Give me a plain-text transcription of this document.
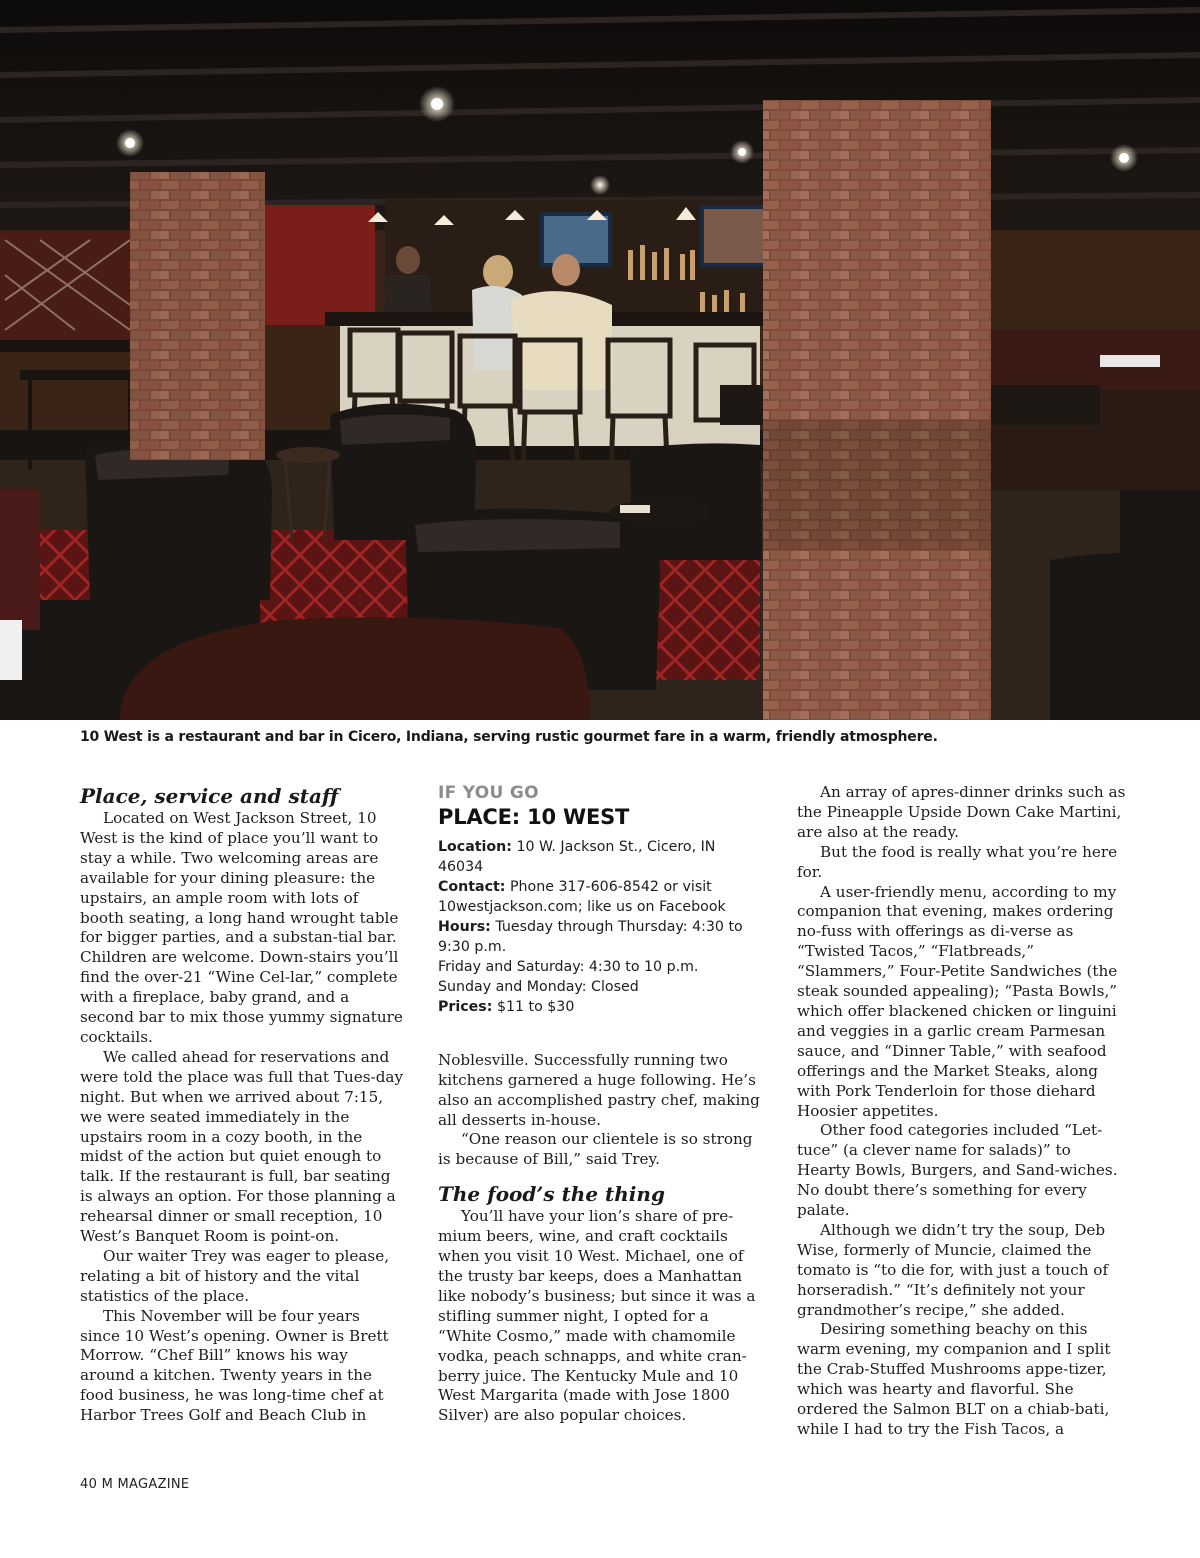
10 West is a restaurant and bar in Cicero, Indiana, serving rustic gourmet fare in a warm, friendly atmosphere.
Place, service and staff

Located on West Jackson Street, 10 West is the kind of place you’ll want to stay a while. Two welcoming areas are available for your dining pleasure: the upstairs, an ample room with lots of booth seating, a long hand wrought table for bigger parties, and a substan-tial bar. Children are welcome. Down-stairs you’ll find the over-21 “Wine Cel-lar,” complete with a fireplace, baby grand, and a second bar to mix those yummy signature cocktails.

We called ahead for reservations and were told the place was full that Tues-day night. But when we arrived about 7:15, we were seated immediately in the upstairs room in a cozy booth, in the midst of the action but quiet enough to talk. If the restaurant is full, bar seating is always an option. For those planning a rehearsal dinner or small reception, 10 West’s Banquet Room is point-on.

Our waiter Trey was eager to please, relating a bit of history and the vital statistics of the place.

This November will be four years since 10 West’s opening. Owner is Brett Morrow. “Chef Bill” knows his way around a kitchen. Twenty years in the food business, he was long-time chef at Harbor Trees Golf and Beach Club in

IF YOU GO
PLACE: 10 WEST
Location: 10 W. Jackson St., Cicero, IN 46034
Contact: Phone 317-606-8542 or visit 10westjackson.com; like us on Facebook
Hours: Tuesday through Thursday: 4:30 to 9:30 p.m.
Friday and Saturday: 4:30 to 10 p.m.
Sunday and Monday: Closed
Prices: $11 to $30

Noblesville. Successfully running two kitchens garnered a huge following. He’s also an accomplished pastry chef, making all desserts in-house.

“One reason our clientele is so strong is because of Bill,” said Trey.

The food’s the thing

You’ll have your lion’s share of pre-mium beers, wine, and craft cocktails when you visit 10 West. Michael, one of the trusty bar keeps, does a Manhattan like nobody’s business; but since it was a stifling summer night, I opted for a “White Cosmo,” made with chamomile vodka, peach schnapps, and white cran-berry juice. The Kentucky Mule and 10 West Margarita (made with Jose 1800 Silver) are also popular choices.

An array of apres-dinner drinks such as the Pineapple Upside Down Cake Martini, are also at the ready.

But the food is really what you’re here for.

A user-friendly menu, according to my companion that evening, makes ordering no-fuss with offerings as di-verse as “Twisted Tacos,” “Flatbreads,” “Slammers,” Four-Petite Sandwiches (the steak sounded appealing); “Pasta Bowls,” which offer blackened chicken or linguini and veggies in a garlic cream Parmesan sauce, and “Dinner Table,” with seafood offerings and the Market Steaks, along with Pork Tenderloin for those diehard Hoosier appetites.

Other food categories included “Let-tuce” (a clever name for salads)” to Hearty Bowls, Burgers, and Sand-wiches. No doubt there’s something for every palate.

Although we didn’t try the soup, Deb Wise, formerly of Muncie, claimed the tomato is “to die for, with just a touch of horseradish.” “It’s definitely not your grandmother’s recipe,” she added.

Desiring something beachy on this warm evening, my companion and I split the Crab-Stuffed Mushrooms appe-tizer, which was hearty and flavorful. She ordered the Salmon BLT on a chiab-bati, while I had to try the Fish Tacos, a

40 M MAGAZINE
